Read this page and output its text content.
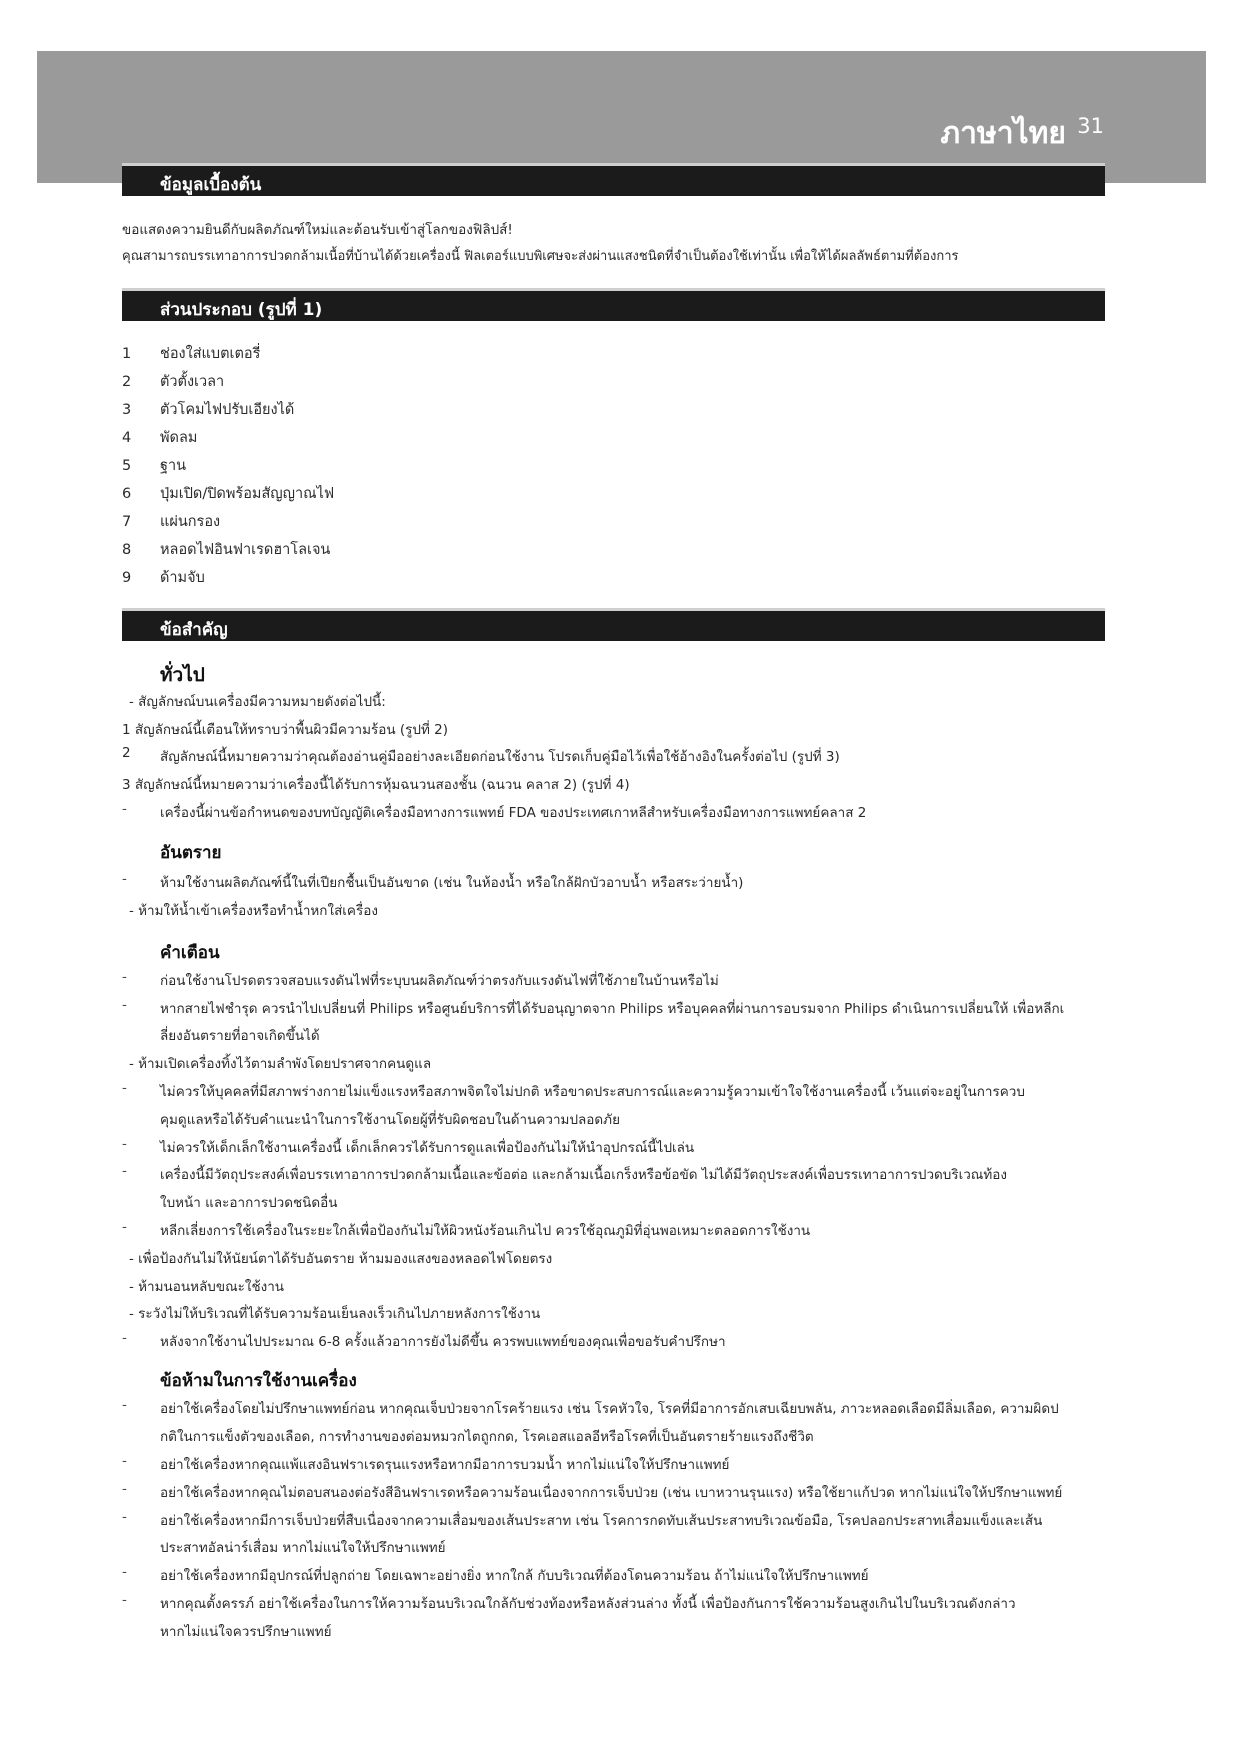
ภาษาไทย 31
ข้อมูลเบื้องต้น
ขอแสดงความยินดีกับผลิตภัณฑ์ใหม่และต้อนรับเข้าสู่โลกของฟิลิปส์!
คุณสามารถบรรเทาอาการปวดกล้ามเนื้อที่บ้านได้ด้วยเครื่องนี้ ฟิลเตอร์แบบพิเศษจะส่งผ่านแสงชนิดที่จำเป็นต้องใช้เท่านั้น เพื่อให้ได้ผลลัพธ์ตามที่ต้องการ
ส่วนประกอบ (รูปที่ 1)
1 ช่องใส่แบตเตอรี่
2 ตัวตั้งเวลา
3 ตัวโคมไฟปรับเอียงได้
4 พัดลม
5 ฐาน
6 ปุ่มเปิด/ปิดพร้อมสัญญาณไฟ
7 แผ่นกรอง
8 หลอดไฟอินฟาเรดฮาโลเจน
9 ด้ามจับ
ข้อสำคัญ
ทั่วไป
- สัญลักษณ์บนเครื่องมีความหมายดังต่อไปนี้:
1 สัญลักษณ์นี้เตือนให้ทราบว่าพื้นผิวมีความร้อน (รูปที่ 2)
2 สัญลักษณ์นี้หมายความว่าคุณต้องอ่านคู่มืออย่างละเอียดก่อนใช้งาน โปรดเก็บคู่มือไว้เพื่อใช้อ้างอิงในครั้งต่อไป (รูปที่ 3)
3 สัญลักษณ์นี้หมายความว่าเครื่องนี้ได้รับการหุ้มฉนวนสองชั้น (ฉนวน คลาส 2) (รูปที่ 4)
- เครื่องนี้ผ่านข้อกำหนดของบทบัญญัติเครื่องมือทางการแพทย์ FDA ของประเทศเกาหลีสำหรับเครื่องมือทางการแพทย์คลาส 2
อันตราย
- ห้ามใช้งานผลิตภัณฑ์นี้ในที่เปียกชื้นเป็นอันขาด (เช่น ในห้องน้ำ หรือใกล้ฝักบัวอาบน้ำ หรือสระว่ายน้ำ)
- ห้ามให้น้ำเข้าเครื่องหรือทำน้ำหกใส่เครื่อง
คำเตือน
- ก่อนใช้งานโปรดตรวจสอบแรงดันไฟที่ระบุบนผลิตภัณฑ์ว่าตรงกับแรงดันไฟที่ใช้ภายในบ้านหรือไม่
- หากสายไฟชำรุด ควรนำไปเปลี่ยนที่ Philips หรือศูนย์บริการที่ได้รับอนุญาตจาก Philips หรือบุคคลที่ผ่านการอบรมจาก Philips ดำเนินการเปลี่ยนให้ เพื่อหลีกเ
ลี่ยงอันตรายที่อาจเกิดขึ้นได้
- ห้ามเปิดเครื่องทิ้งไว้ตามลำพังโดยปราศจากคนดูแล
- ไม่ควรให้บุคคลที่มีสภาพร่างกายไม่แข็งแรงหรือสภาพจิตใจไม่ปกติ หรือขาดประสบการณ์และความรู้ความเข้าใจใช้งานเครื่องนี้ เว้นแต่จะอยู่ในการควบ
คุมดูแลหรือได้รับคำแนะนำในการใช้งานโดยผู้ที่รับผิดชอบในด้านความปลอดภัย
- ไม่ควรให้เด็กเล็กใช้งานเครื่องนี้ เด็กเล็กควรได้รับการดูแลเพื่อป้องกันไม่ให้นำอุปกรณ์นี้ไปเล่น
- เครื่องนี้มีวัตถุประสงค์เพื่อบรรเทาอาการปวดกล้ามเนื้อและข้อต่อ และกล้ามเนื้อเกร็งหรือข้อขัด ไม่ได้มีวัตถุประสงค์เพื่อบรรเทาอาการปวดบริเวณท้อง
ใบหน้า และอาการปวดชนิดอื่น
- หลีกเลี่ยงการใช้เครื่องในระยะใกล้เพื่อป้องกันไม่ให้ผิวหนังร้อนเกินไป ควรใช้อุณภูมิที่อุ่นพอเหมาะตลอดการใช้งาน
- เพื่อป้องกันไม่ให้นัยน์ตาได้รับอันตราย ห้ามมองแสงของหลอดไฟโดยตรง
- ห้ามนอนหลับขณะใช้งาน
- ระวังไม่ให้บริเวณที่ได้รับความร้อนเย็นลงเร็วเกินไปภายหลังการใช้งาน
- หลังจากใช้งานไปประมาณ 6-8 ครั้งแล้วอาการยังไม่ดีขึ้น ควรพบแพทย์ของคุณเพื่อขอรับคำปรึกษา
ข้อห้ามในการใช้งานเครื่อง
- อย่าใช้เครื่องโดยไม่ปรึกษาแพทย์ก่อน หากคุณเจ็บป่วยจากโรคร้ายแรง เช่น โรคหัวใจ, โรคที่มีอาการอักเสบเฉียบพลัน, ภาวะหลอดเลือดมีลิ่มเลือด, ความผิดป
กติในการแข็งตัวของเลือด, การทำงานของต่อมหมวกไตถูกกด, โรคเอสแอลอีหรือโรคที่เป็นอันตรายร้ายแรงถึงชีวิต
- อย่าใช้เครื่องหากคุณแพ้แสงอินฟราเรดรุนแรงหรือหากมีอาการบวมน้ำ หากไม่แน่ใจให้ปรึกษาแพทย์
- อย่าใช้เครื่องหากคุณไม่ตอบสนองต่อรังสีอินฟราเรดหรือความร้อนเนื่องจากการเจ็บป่วย (เช่น เบาหวานรุนแรง) หรือใช้ยาแก้ปวด หากไม่แน่ใจให้ปรึกษาแพทย์
- อย่าใช้เครื่องหากมีการเจ็บป่วยที่สืบเนื่องจากความเสื่อมของเส้นประสาท เช่น โรคการกดทับเส้นประสาทบริเวณข้อมือ, โรคปลอกประสาทเสื่อมแข็งและเส้น
ประสาทอัลน่าร์เสื่อม หากไม่แน่ใจให้ปรึกษาแพทย์
- อย่าใช้เครื่องหากมีอุปกรณ์ที่ปลูกถ่าย โดยเฉพาะอย่างยิ่ง หากใกล้ กับบริเวณที่ต้องโดนความร้อน ถ้าไม่แน่ใจให้ปรึกษาแพทย์
- หากคุณตั้งครรภ์ อย่าใช้เครื่องในการให้ความร้อนบริเวณใกล้กับช่วงท้องหรือหลังส่วนล่าง ทั้งนี้ เพื่อป้องกันการใช้ความร้อนสูงเกินไปในบริเวณดังกล่าว
หากไม่แน่ใจควรปรึกษาแพทย์
